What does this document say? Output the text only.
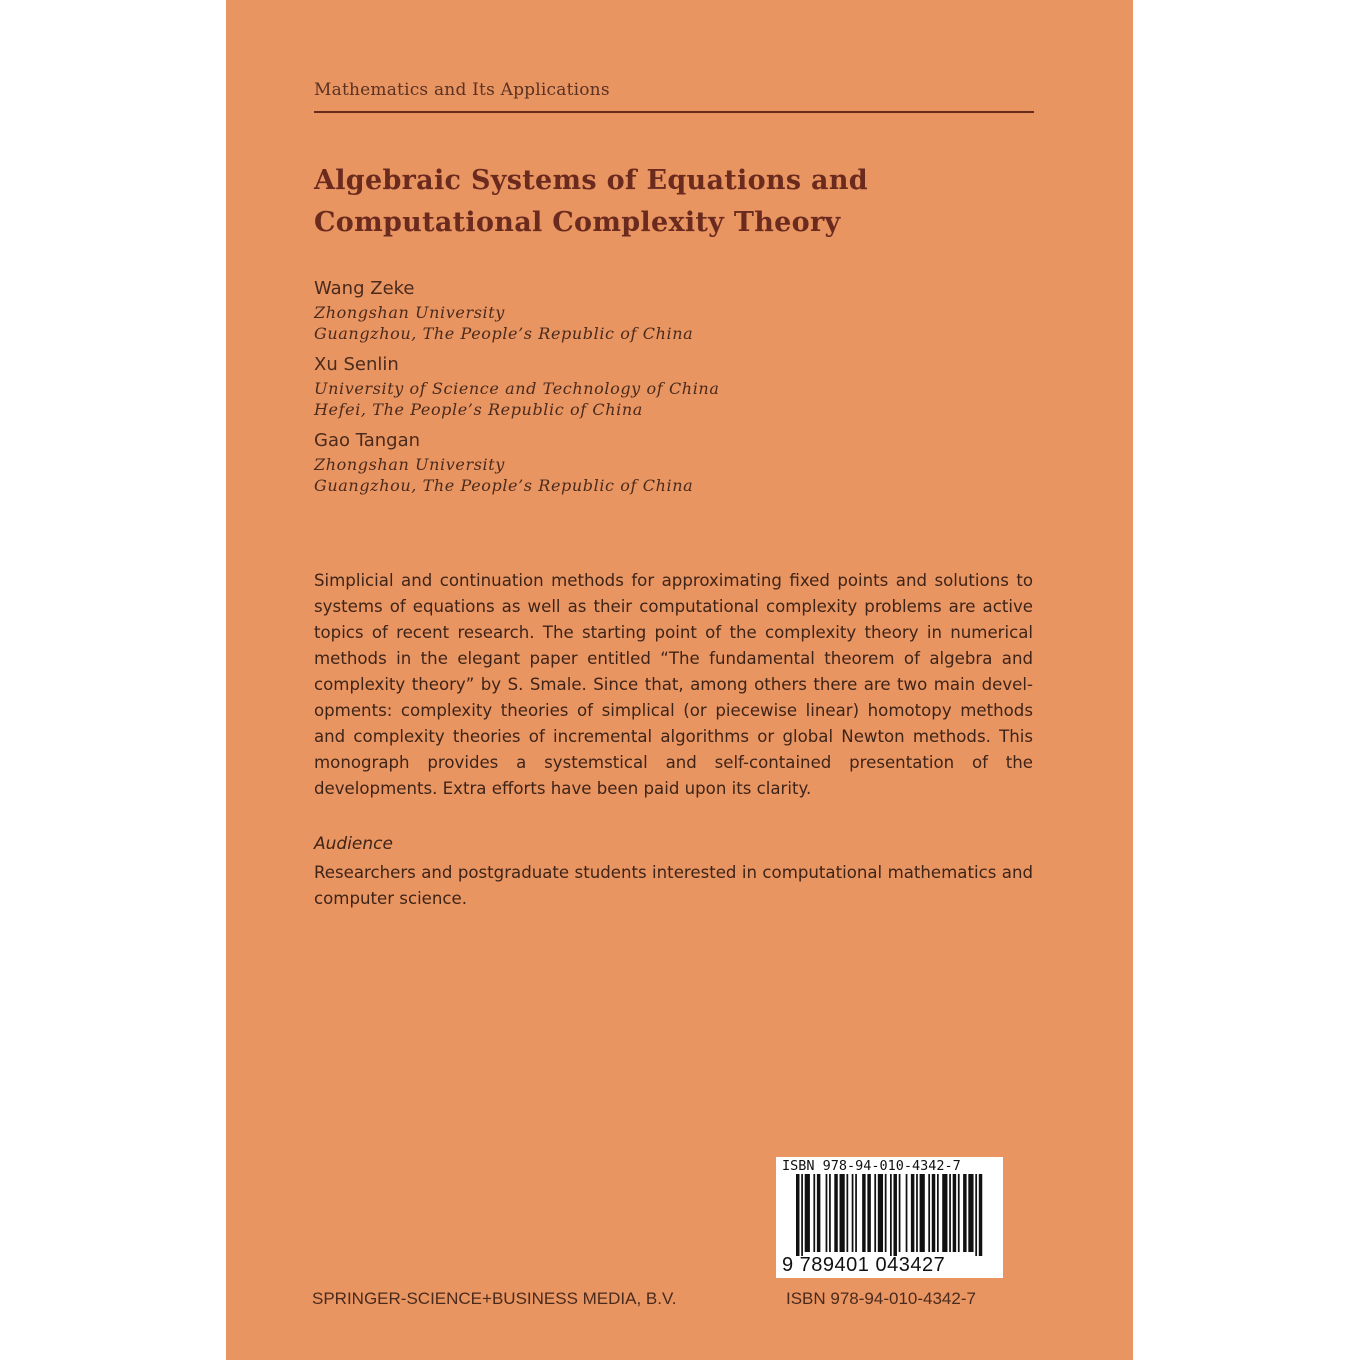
Mathematics and Its Applications
Algebraic Systems of Equations and
Computational Complexity Theory
Wang Zeke
Zhongshan University
Guangzhou, The People’s Republic of China
Xu Senlin
University of Science and Technology of China
Hefei, The People’s Republic of China
Gao Tangan
Zhongshan University
Guangzhou, The People’s Republic of China

Simplicial and continuation methods for approximating fixed points and solutions to systems of equations as well as their computational complexity problems are active topics of recent research. The starting point of the complexity theory in numerical methods in the elegant paper entitled “The fundamental theorem of algebra and complexity theory” by S. Smale. Since that, among others there are two main developments: complexity theories of simplical (or piecewise linear) homotopy methods and complexity theories of incremental algorithms or global Newton methods. This monograph provides a systemstical and self-contained presentation of the developments. Extra efforts have been paid upon its clarity.

Audience

Researchers and postgraduate students interested in computational mathematics and computer science.

ISBN 978-94-010-4342-7
9 789401 043427
SPRINGER-SCIENCE+BUSINESS MEDIA, B.V.	ISBN 978-94-010-4342-7
